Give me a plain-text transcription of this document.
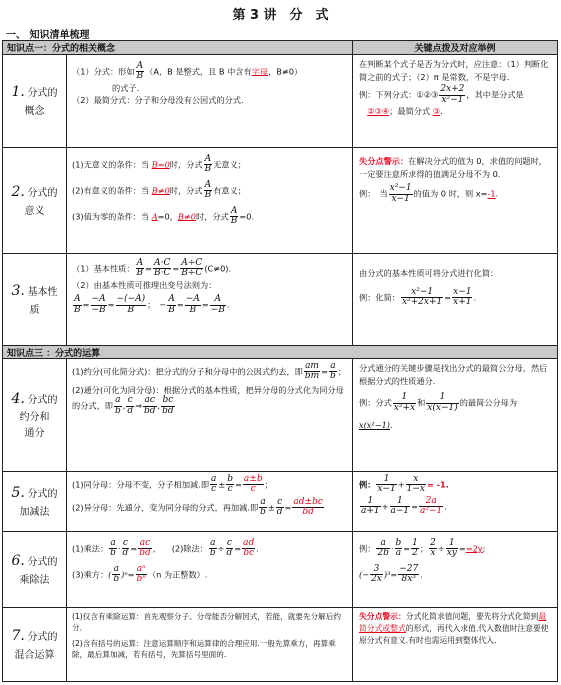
第 3 讲　分　式
一、 知识清单梳理
知识点一：分式的相关概念	关键点拨及对应举例
1. 分式的
概念
（1）分式：形如 $\frac{A}{B} (A$，B 是整式，且 B 中含有字母，B≠0）
的式子.
（2）最简分式：分子和分母没有公因式的分式.
在判断某个式子是否为分式时，应注意：（1）判断化简之前的式子；（2）π 是常数，不是字母.
例：下列分式：①②③ $\frac{2x+2}{\text{x²−1}}$ ，其中是分式是
　②③④；最简分式 ③.
2. 分式的
意义
(1)无意义的条件：当 B=0时，分式 $\frac{A}{B}$ 无意义；
(2)有意义的条件：当 B≠0时，分式 $\frac{A}{B}$ 有意义；
(3)值为零的条件：当 A=0，B≠0时，分式 $\frac{A}{B} =0$.
失分点警示：在解决分式的值为 0，求值的问题时，一定要注意所求得的值满足分母不为 0.
例：　当 $\frac{\text{x²−1}}{x-1}$ 的值为 0 时，则 x=-1.
3. 基本性
质
（1）基本性质： $\frac{A}{B} = \frac{A\cdot C}{B\cdot C} = \frac{A\div C}{B\div C} (C\ne 0)$．
（2）由基本性质可推理出变号法则为：
$\frac{A}{B} = \frac{-A}{-B} = \frac{-(-A)}{B}$ ；　− $\frac{A}{B} = \frac{-A}{B} = \frac{A}{-B}$ .
由分式的基本性质可将分式进行化简：
例：化简： $\frac{\text{x²−1}}{\text{x²+2x+1}} = \frac{x-1}{x+1}$ .
知识点三 ：分式的运算
4. 分式的
约分和
通分
(1)约分(可化简分式)：把分式的分子和分母中的公因式约去，即 $\frac{am}{bm} = \frac{a}{b}$ ；
(2)通分(可化为同分母)：根据分式的基本性质，把异分母的分式化为同分母的分式，即 $\frac{a}{b}$ , $\frac{c}{d}$ ⇒ $\frac{ac}{bd}$ , $\frac{bc}{bd}$
分式通分的关键步骤是找出分式的最简公分母，然后根据分式的性质通分.
例：分式 $\frac{1}{\text{x²+x}}$ 和 $\frac{1}{x(x-1)}$ 的最简公分母为
x(x²−1).
5. 分式的
加减法
(1)同分母：分母不变，分子相加减.即 $\frac{a}{c} \pm \frac{b}{c} = \frac{a\pm b}{c}$ ；
(2)异分母：先通分，变为同分母的分式，再加减.即 $\frac{a}{b} \pm \frac{c}{d} = \frac{ad\pm bc}{bd}$
例： $\frac{1}{x-1} + \frac{x}{1-x} = -1$.
$\frac{1}{a+1} + \frac{1}{a-1} = \frac{2a}{\text{a²−1}}$ .
6. 分式的
乘除法
(1)乘法： $\frac{a}{b} \cdot \frac{c}{d} = \frac{ac}{bd}$ ,　　(2)除法： $\frac{a}{b} \div \frac{c}{d} = \frac{ad}{bc}$ .
(3)乘方：( $\frac{a}{b} )^n= \frac{\text{aⁿ}}{\text{bⁿ}} (n$ 为正整数）.
例： $\frac{a}{2b} \cdot \frac{b}{a} = \frac{1}{2}$ ； $\frac{2}{x} \div \frac{1}{xy} ==2y$;
(− $\frac{3}{2x} )^3= \frac{-27}{\text{8x³}}$ .
7. 分式的
混合运算
(1)仅含有乘除运算：首先观察分子、分母能否分解因式，若能，就要先分解后约分．
(2)含有括号的运算：注意运算顺序和运算律的合理应用.一般先算乘方，再算乘除，最后算加减，若有括号，先算括号里面的.
失分点警示：分式化简求值问题，要先将分式化简到最简分式或整式的形式，再代入求值.代入数值时注意要使原分式有意义.有时也需运用到整体代入.
